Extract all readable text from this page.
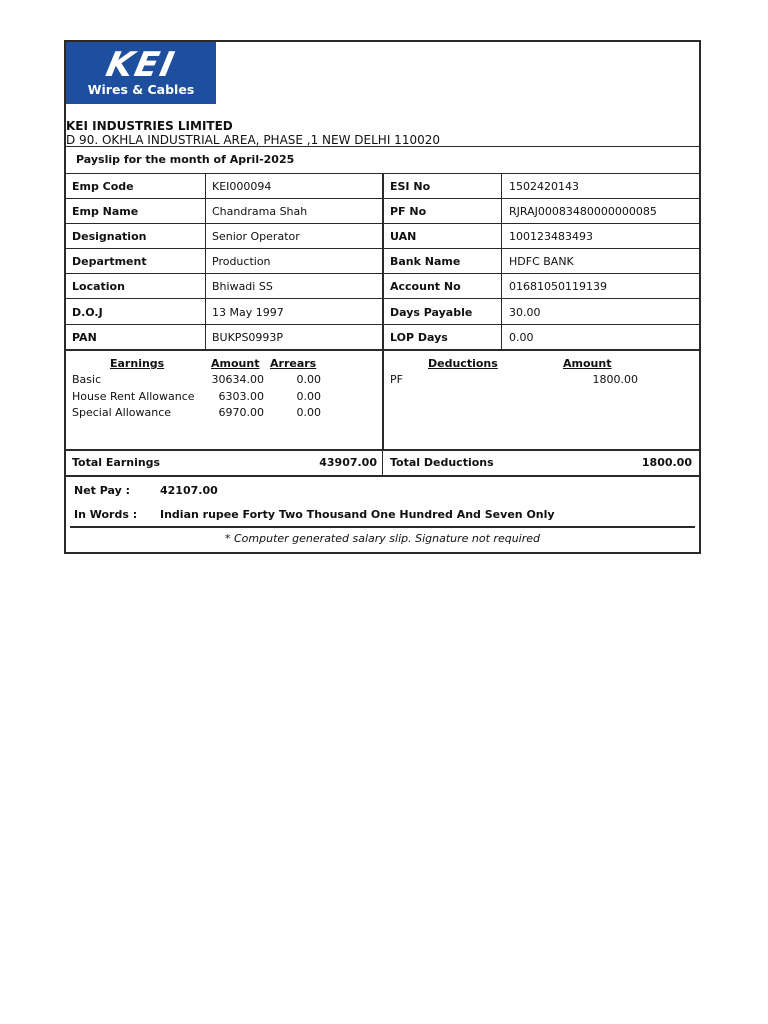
KEI
Wires & Cables
KEI INDUSTRIES LIMITED
D 90. OKHLA INDUSTRIAL AREA, PHASE ,1 NEW DELHI 110020
Payslip for the month of April-2025
Emp Code	KEI000094
Emp Name	Chandrama Shah
Designation	Senior Operator
Department	Production
Location	Bhiwadi SS
D.O.J	13 May 1997
PAN	BUKPS0993P
ESI No	1502420143
PF No	RJRAJ00083480000000085
UAN	100123483493
Bank Name	HDFC BANK
Account No	01681050119139
Days Payable	30.00
LOP Days	0.00
Earnings	Amount Arrears
Basic	30634.00	0.00
House Rent Allowance	6303.00	0.00
Special Allowance	6970.00	0.00
Deductions	Amount
PF	1800.00
Total Earnings	43907.00 Total Deductions	1800.00
Net Pay :	42107.00
In Words : Indian rupee Forty Two Thousand One Hundred And Seven Only
* Computer generated salary slip. Signature not required
